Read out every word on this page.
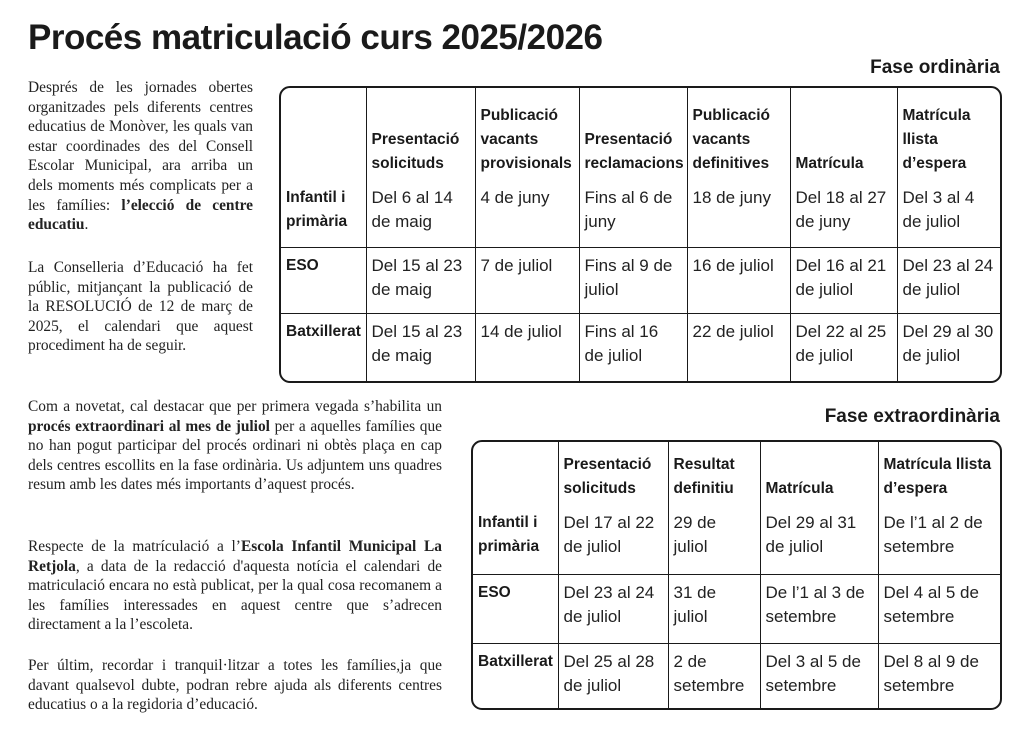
Procés matriculació curs 2025/2026

Després de les jornades obertes organitzades pels diferents centres educatius de Monòver, les quals van estar coordinades des del Consell Escolar Municipal, ara arriba un dels moments més complicats per a les famílies: l’elecció de centre educatiu.

La Conselleria d’Educació ha fet públic, mitjançant la publicació de la RESOLUCIÓ de 12 de març de 2025, el calendari que aquest procediment ha de seguir.

Com a novetat, cal destacar que per primera vegada s’habilita un procés extraordinari al mes de juliol per a aquelles famílies que no han pogut participar del procés ordinari ni obtès plaça en cap dels centres escollits en la fase ordinària. Us adjuntem uns quadres resum amb les dates més importants d’aquest procés.

Respecte de la matrículació a l’Escola Infantil Municipal La Retjola, a data de la redacció d'aquesta notícia el calendari de matriculació encara no està publicat, per la qual cosa recomanem a les famílies interessades en aquest centre que s’adrecen directament a la l’escoleta.

Per últim, recordar i tranquil·litzar a totes les famílies,ja que davant qualsevol dubte, podran rebre ajuda als diferents centres educatius o a la regidoria d’educació.

Fase ordinària
	Presentació solicituds	Publicació vacants provisionals	Presentació reclamacions	Publicació vacants definitives	Matrícula	Matrícula llista d’espera
Infantil i primària	Del 6 al 14 de maig	4 de juny	Fins al 6 de juny	18 de juny	Del 18 al 27 de juny	Del 3 al 4 de juliol
ESO	Del 15 al 23 de maig	7 de juliol	Fins al 9 de juliol	16 de juliol	Del 16 al 21 de juliol	Del 23 al 24 de juliol
Batxillerat	Del 15 al 23 de maig	14 de juliol	Fins al 16 de juliol	22 de juliol	Del 22 al 25 de juliol	Del 29 al 30 de juliol
Fase extraordinària
	Presentació solicituds	Resultat definitiu	Matrícula	Matrícula llista d’espera
Infantil i primària	Del 17 al 22 de juliol	29 de juliol	Del 29 al 31 de juliol	De l’1 al 2 de setembre
ESO	Del 23 al 24 de juliol	31 de juliol	De l’1 al 3 de setembre	Del 4 al 5 de setembre
Batxillerat	Del 25 al 28 de juliol	2 de setembre	Del 3 al 5 de setembre	Del 8 al 9 de setembre
